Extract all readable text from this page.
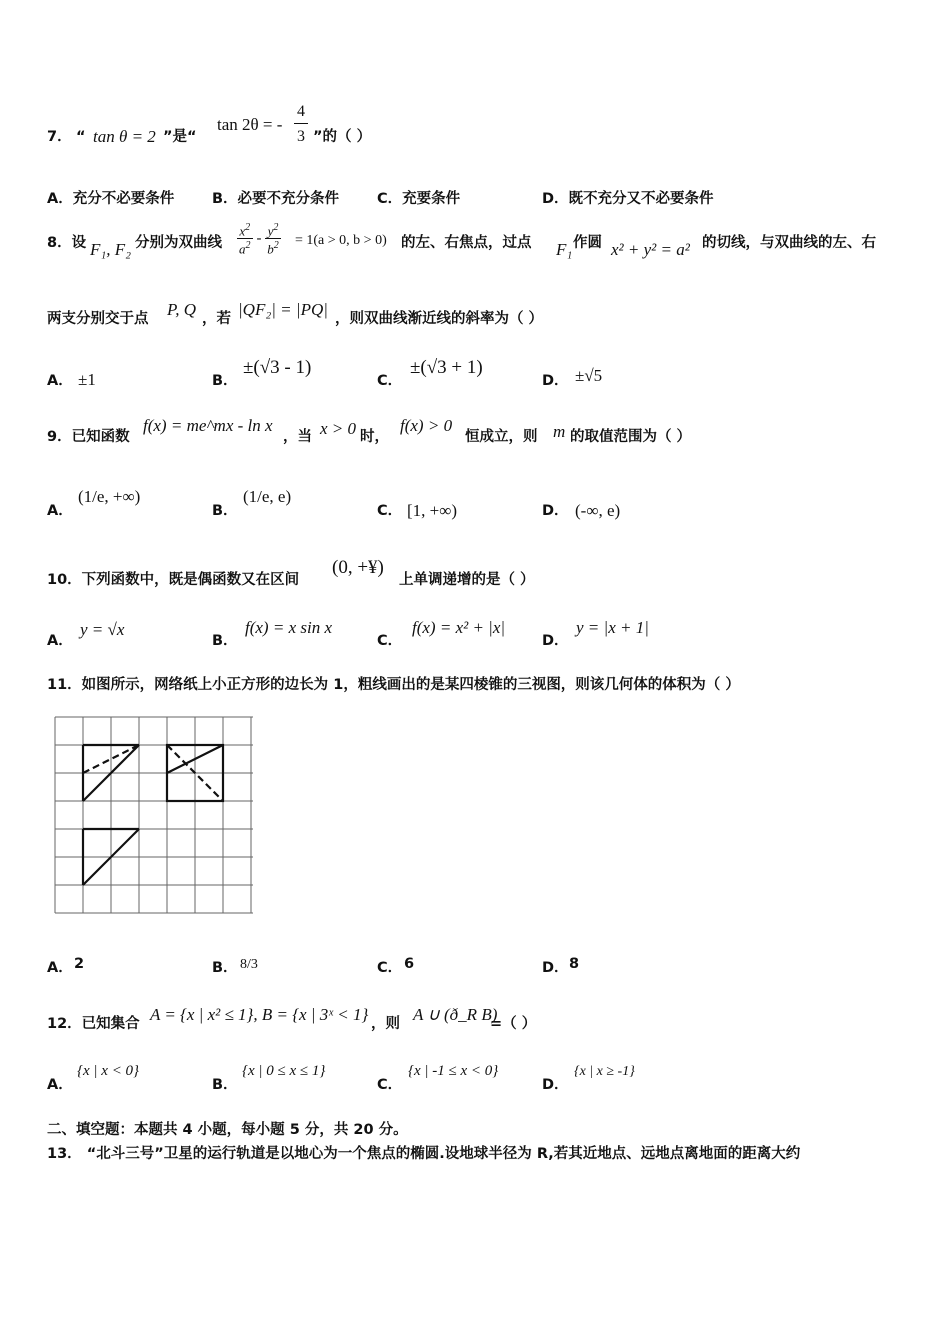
7． “ tan θ = 2 ”是“
tan 2θ = -
4
3 ”的（ ）
A．充分不必要条件	B．必要不充分条件	C．充要条件	D．既不充分又不必要条件
8．设 F₁, F₂ 分别为双曲线 $\frac{x^2}{a^2} - \frac{y^2}{b^2} = 1(a > 0$, b > 0) 的左、右焦点，过点 F₁ 作圆 x² + y² = a² 的切线，与双曲线的左、右
两支分别交于点 P, Q ，若 |QF₂| = |PQ| ，则双曲线渐近线的斜率为（ ）
A． ±1	B．
±(√3 - 1)
C．
±(√3 + 1)
D． ±√5
9．已知函数
f(x) = me^mx - ln x
，当 x > 0 时，
f(x) > 0
恒成立，则 m 的取值范围为（ ）
A．
(1/e, +∞)
B．
(1/e, e)
C． [1, +∞)	D． (-∞, e)
10．下列函数中，既是偶函数又在区间
(0, +¥)
上单调递增的是（ ）
A．
y = √x
B．
f(x) = x sin x
C．
f(x) = x² + |x|
D．
y = |x + 1|
11．如图所示，网络纸上小正方形的边长为 1，粗线画出的是某四棱锥的三视图，则该几何体的体积为（ ）
A． 2	B． 8/3	C． 6	D． 8
12．已知集合 A = {x | x² ≤ 1}, B = {x | 3ˣ < 1} ，则 A ∪ (ð_R B)
=（ ）
A．
{x | x < 0}
B．
{x | 0 ≤ x ≤ 1}
C．
{x | -1 ≤ x < 0}
D．
{x | x ≥ -1}
二、填空题：本题共 4 小题，每小题 5 分，共 20 分。
13． “北斗三号”卫星的运行轨道是以地心为一个焦点的椭圆.设地球半径为 R,若其近地点、远地点离地面的距离大约
